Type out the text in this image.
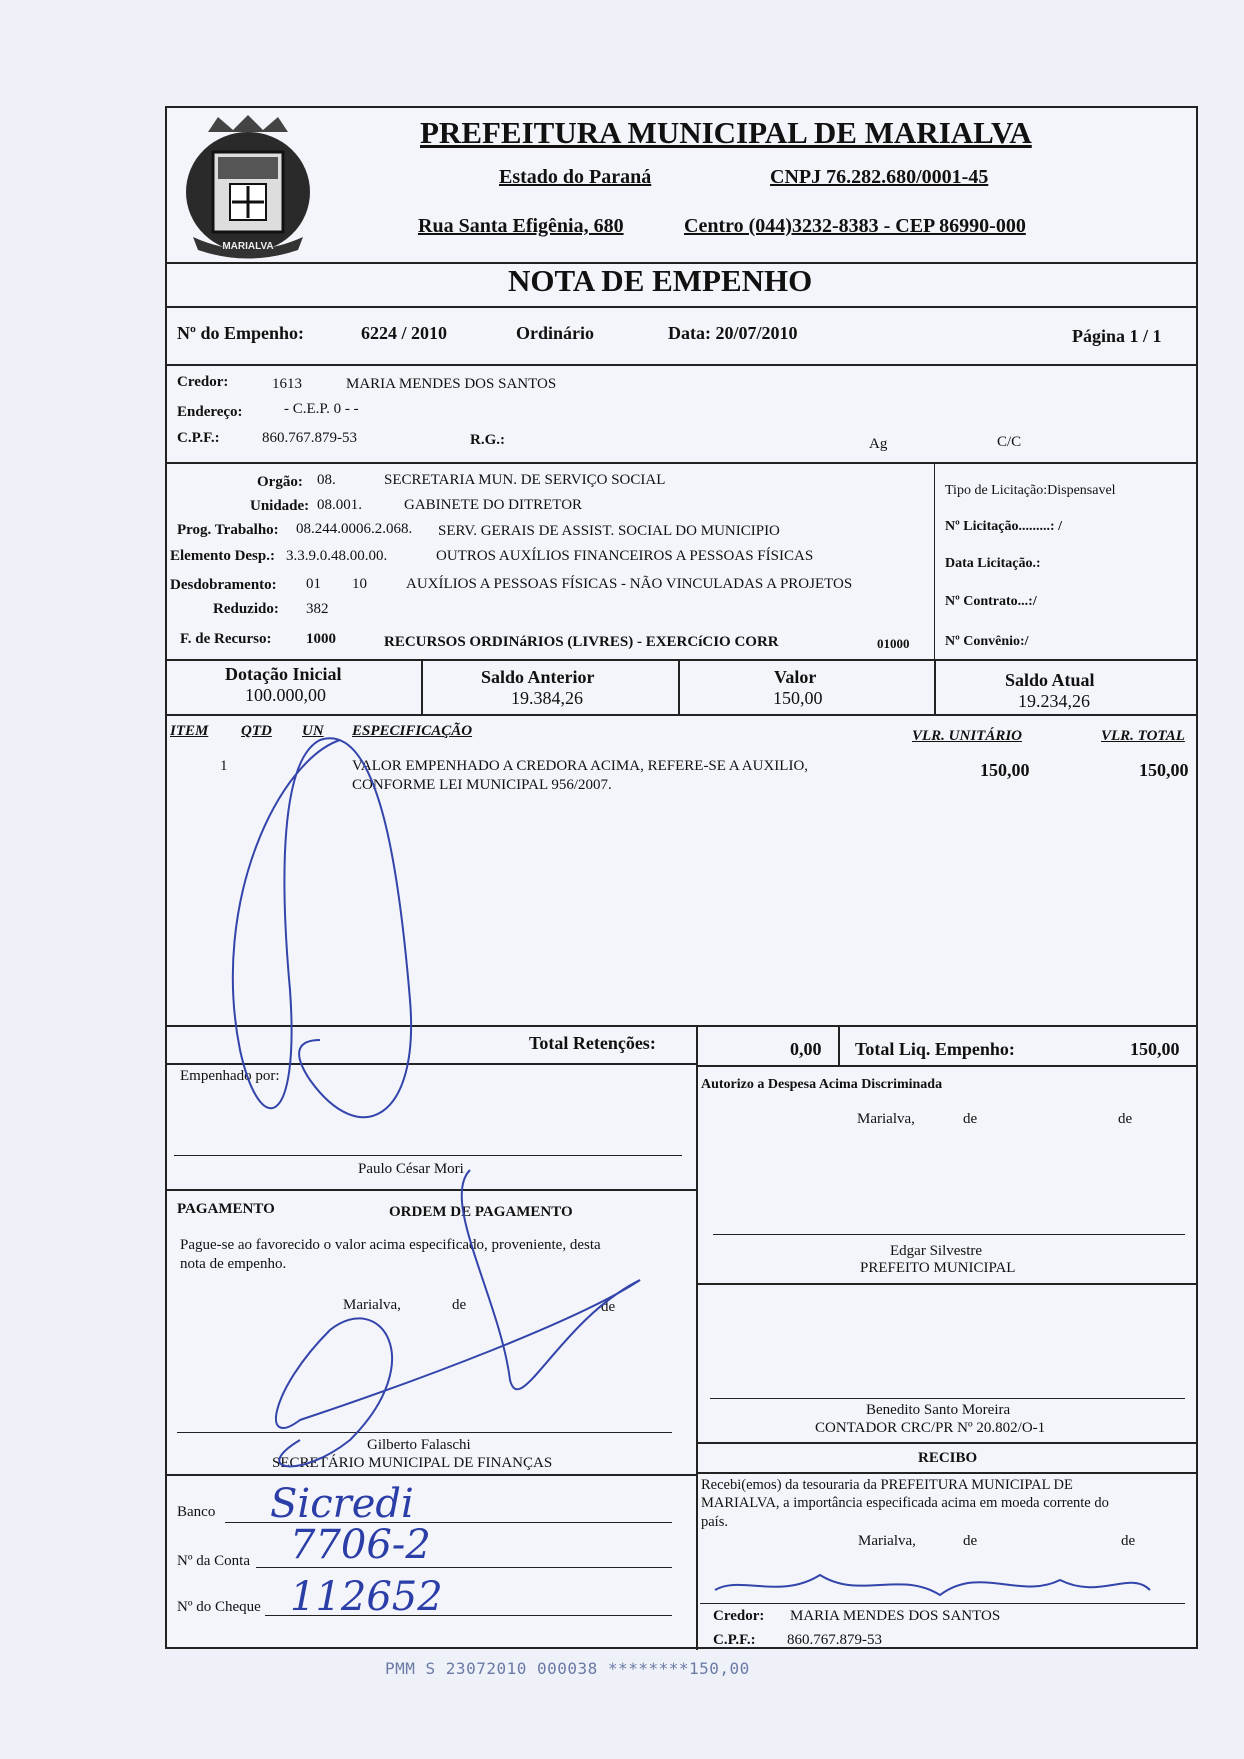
MARIALVA
PREFEITURA MUNICIPAL DE MARIALVA
Estado do Paraná	CNPJ 76.282.680/0001-45
Rua Santa Efigênia, 680	Centro (044)3232-8383 - CEP 86990-000
NOTA DE EMPENHO
Nº do Empenho:	6224 / 2010	Ordinário	Data: 20/07/2010	Página 1 / 1
Credor:	1613	MARIA MENDES DOS SANTOS
Endereço:	- C.E.P. 0 - -
C.P.F.:	860.767.879-53	R.G.:	Ag	C/C
Orgão: 08.	SECRETARIA MUN. DE SERVIÇO SOCIAL
Unidade: 08.001.	GABINETE DO DITRETOR
Prog. Trabalho: 08.244.0006.2.068. SERV. GERAIS DE ASSIST. SOCIAL DO MUNICIPIO
Elemento Desp.: 3.3.9.0.48.00.00.	OUTROS AUXÍLIOS FINANCEIROS A PESSOAS FÍSICAS
Desdobramento: 01 10	AUXÍLIOS A PESSOAS FÍSICAS - NÃO VINCULADAS A PROJETOS
Reduzido: 382
F. de Recurso: 1000	RECURSOS ORDINáRIOS (LIVRES) - EXERCíCIO CORR	01000
Tipo de Licitação:Dispensavel
Nº Licitação.........: /
Data Licitação.:
Nº Contrato...:/
Nº Convênio:/
Dotação Inicial
100.000,00
Saldo Anterior
19.384,26
Valor
150,00
Saldo Atual
19.234,26
ITEM QTD UN ESPECIFICAÇÃO	VLR. UNITÁRIO	VLR. TOTAL
1	VALOR EMPENHADO A CREDORA ACIMA, REFERE-SE A AUXILIO,
CONFORME LEI MUNICIPAL 956/2007.
150,00	150,00
Total Retenções:	0,00 Total Liq. Empenho:	150,00
Empenhado por:
Paulo César Mori
Autorizo a Despesa Acima Discriminada
Marialva,	de	de
Edgar Silvestre
PREFEITO MUNICIPAL
PAGAMENTO	ORDEM DE PAGAMENTO
Pague-se ao favorecido o valor acima especificado, proveniente, desta
nota de empenho.
Marialva,	de	de
Gilberto Falaschi
SECRETÁRIO MUNICIPAL DE FINANÇAS
Banco Sicredi
Nº da Conta 7706-2
Nº do Cheque 112652
Benedito Santo Moreira
CONTADOR CRC/PR Nº 20.802/O-1
RECIBO
Recebi(emos) da tesouraria da PREFEITURA MUNICIPAL DE
MARIALVA, a importância especificada acima em moeda corrente do
país.
Marialva,	de	de
Credor: MARIA MENDES DOS SANTOS
C.P.F.: 860.767.879-53
PMM S 23072010 000038 ********150,00
